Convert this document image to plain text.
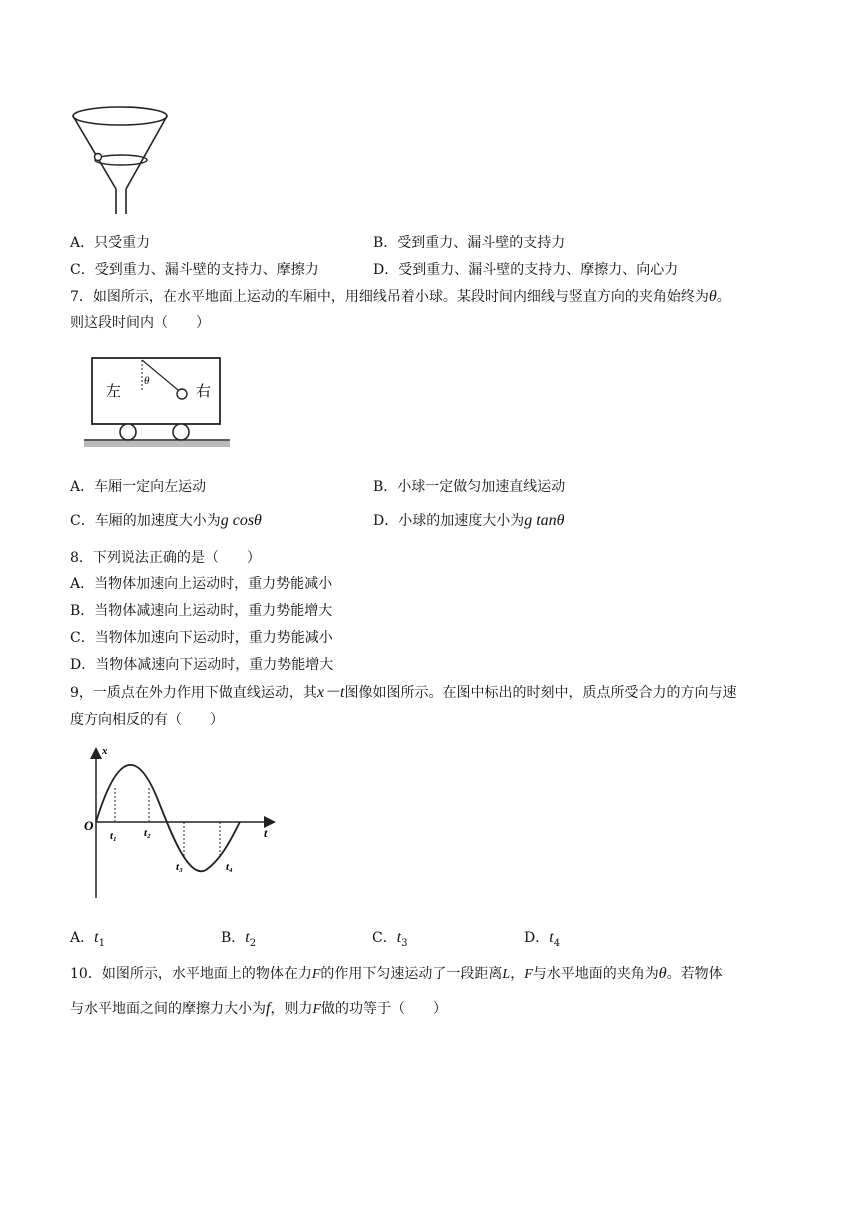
A．只受重力	B．受到重力、漏斗壁的支持力
C．受到重力、漏斗壁的支持力、摩擦力	D．受到重力、漏斗壁的支持力、摩擦力、向心力
7．如图所示，在水平地面上运动的车厢中，用细线吊着小球。某段时间内细线与竖直方向的夹角始终为θ。
则这段时间内（　　）
左	右
θ
A．车厢一定向左运动	B．小球一定做匀加速直线运动
C．车厢的加速度大小为g cosθ	D．小球的加速度大小为g tanθ
8．下列说法正确的是（　　）
A．当物体加速向上运动时，重力势能减小
B．当物体减速向上运动时，重力势能增大
C．当物体加速向下运动时，重力势能减小
D．当物体减速向下运动时，重力势能增大
9，一质点在外力作用下做直线运动，其x－t图像如图所示。在图中标出的时刻中，质点所受合力的方向与速
度方向相反的有（　　）
x
O	t
t₁ t₂
t₃	t₄
A．$t_1$	B．$t_2$	C．$t_3$	D．$t_4$
10．如图所示，水平地面上的物体在力F的作用下匀速运动了一段距离L，F与水平地面的夹角为θ。若物体
与水平地面之间的摩擦力大小为f，则力F做的功等于（　　）
